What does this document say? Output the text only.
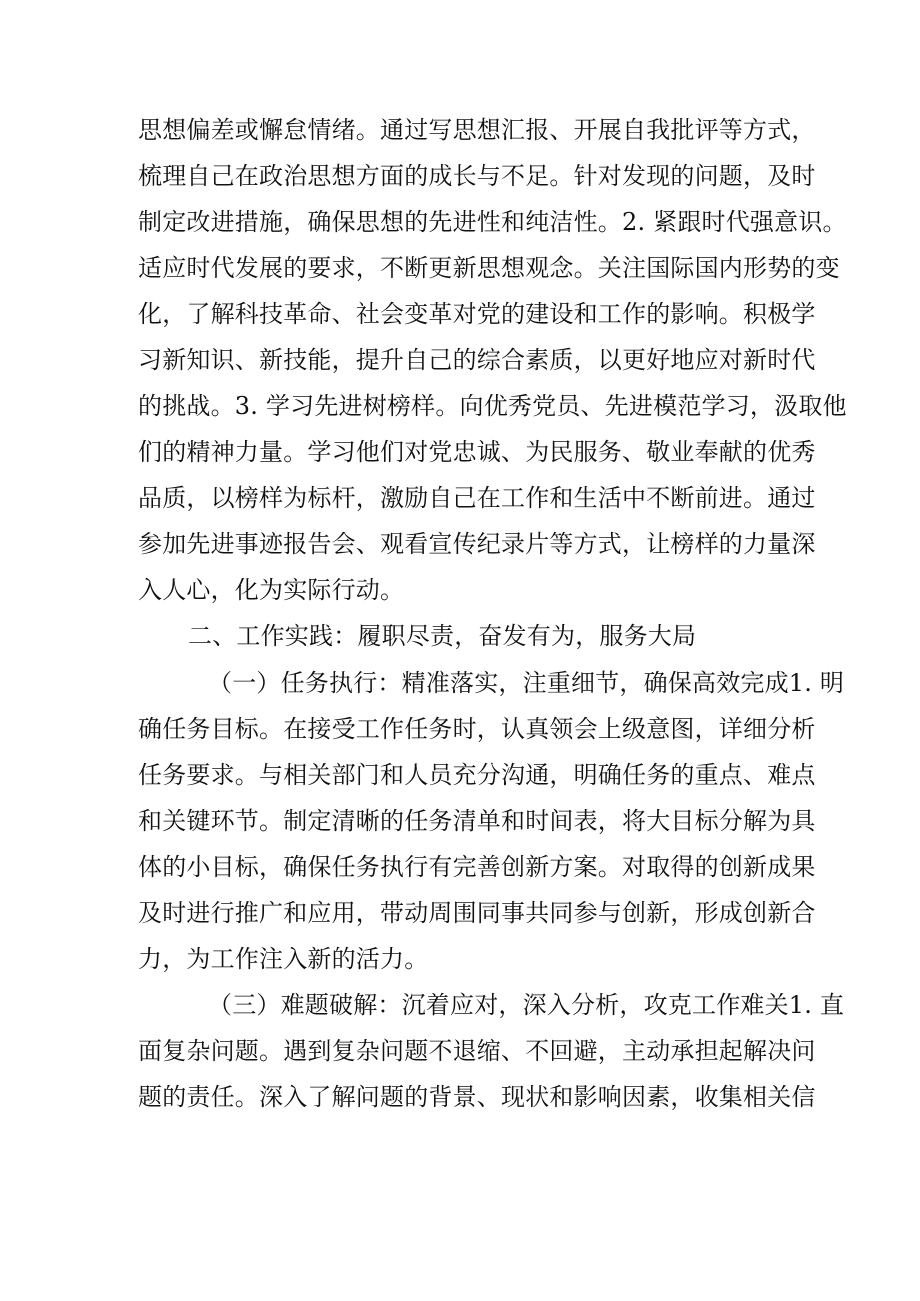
思想偏差或懈怠情绪。通过写思想汇报、开展自我批评等方式，
梳理自己在政治思想方面的成长与不足。针对发现的问题，及时
制定改进措施，确保思想的先进性和纯洁性。2. 紧跟时代强意识。
适应时代发展的要求，不断更新思想观念。关注国际国内形势的变
化，了解科技革命、社会变革对党的建设和工作的影响。积极学
习新知识、新技能，提升自己的综合素质，以更好地应对新时代
的挑战。3. 学习先进树榜样。向优秀党员、先进模范学习，汲取他
们的精神力量。学习他们对党忠诚、为民服务、敬业奉献的优秀
品质，以榜样为标杆，激励自己在工作和生活中不断前进。通过
参加先进事迹报告会、观看宣传纪录片等方式，让榜样的力量深
入人心，化为实际行动。
二、工作实践：履职尽责，奋发有为，服务大局
（一）任务执行：精准落实，注重细节，确保高效完成1. 明
确任务目标。在接受工作任务时，认真领会上级意图，详细分析
任务要求。与相关部门和人员充分沟通，明确任务的重点、难点
和关键环节。制定清晰的任务清单和时间表，将大目标分解为具
体的小目标，确保任务执行有完善创新方案。对取得的创新成果
及时进行推广和应用，带动周围同事共同参与创新，形成创新合
力，为工作注入新的活力。
（三）难题破解：沉着应对，深入分析，攻克工作难关1. 直
面复杂问题。遇到复杂问题不退缩、不回避，主动承担起解决问
题的责任。深入了解问题的背景、现状和影响因素，收集相关信
